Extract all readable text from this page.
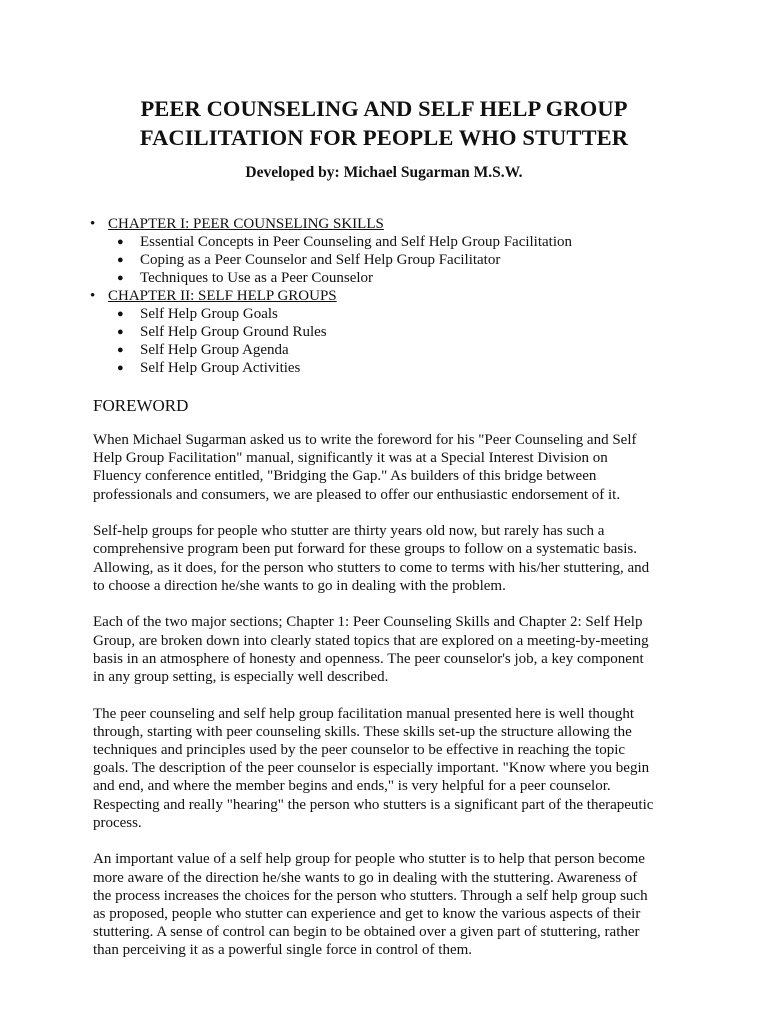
PEER COUNSELING AND SELF HELP GROUP
FACILITATION FOR PEOPLE WHO STUTTER
Developed by: Michael Sugarman M.S.W.
• CHAPTER I: PEER COUNSELING SKILLS
● Essential Concepts in Peer Counseling and Self Help Group Facilitation
● Coping as a Peer Counselor and Self Help Group Facilitator
● Techniques to Use as a Peer Counselor
• CHAPTER II: SELF HELP GROUPS
● Self Help Group Goals
● Self Help Group Ground Rules
● Self Help Group Agenda
● Self Help Group Activities
FOREWORD

When Michael Sugarman asked us to write the foreword for his "Peer Counseling and Self
Help Group Facilitation" manual, significantly it was at a Special Interest Division on
Fluency conference entitled, "Bridging the Gap." As builders of this bridge between
professionals and consumers, we are pleased to offer our enthusiastic endorsement of it.

Self-help groups for people who stutter are thirty years old now, but rarely has such a
comprehensive program been put forward for these groups to follow on a systematic basis.
Allowing, as it does, for the person who stutters to come to terms with his/her stuttering, and
to choose a direction he/she wants to go in dealing with the problem.

Each of the two major sections; Chapter 1: Peer Counseling Skills and Chapter 2: Self Help
Group, are broken down into clearly stated topics that are explored on a meeting-by-meeting
basis in an atmosphere of honesty and openness. The peer counselor's job, a key component
in any group setting, is especially well described.

The peer counseling and self help group facilitation manual presented here is well thought
through, starting with peer counseling skills. These skills set-up the structure allowing the
techniques and principles used by the peer counselor to be effective in reaching the topic
goals. The description of the peer counselor is especially important. "Know where you begin
and end, and where the member begins and ends," is very helpful for a peer counselor.
Respecting and really "hearing" the person who stutters is a significant part of the therapeutic
process.

An important value of a self help group for people who stutter is to help that person become
more aware of the direction he/she wants to go in dealing with the stuttering. Awareness of
the process increases the choices for the person who stutters. Through a self help group such
as proposed, people who stutter can experience and get to know the various aspects of their
stuttering. A sense of control can begin to be obtained over a given part of stuttering, rather
than perceiving it as a powerful single force in control of them.
